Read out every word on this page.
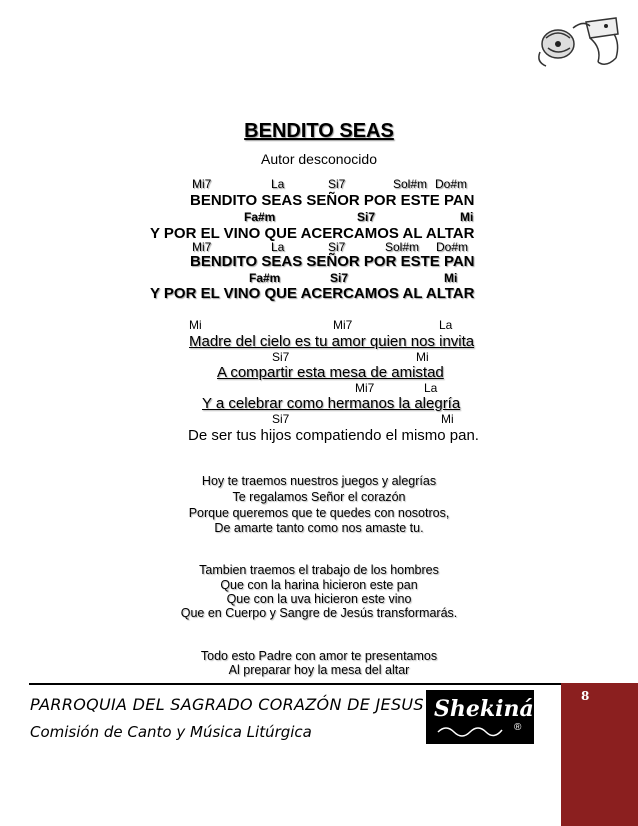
BENDITO SEAS
Autor desconocido
Mi7	La	Si7	Sol#m Do#m
BENDITO SEAS SEÑOR POR ESTE PAN
Fa#m	Si7	Mi
Y POR EL VINO QUE ACERCAMOS AL ALTAR
Mi7	La	Si7	Sol#m Do#m
BENDITO SEAS SEÑOR POR ESTE PAN
Fa#m	Si7	Mi
Y POR EL VINO QUE ACERCAMOS AL ALTAR
Mi	Mi7	La
Madre del cielo es tu amor quien nos invita
Si7	Mi
A compartir esta mesa de amistad
Mi7	La
Y a celebrar como hermanos la alegría
Si7	Mi
De ser tus hijos compatiendo el mismo pan.
Hoy te traemos nuestros juegos y alegrías
Te regalamos Señor el corazón
Porque queremos que te quedes con nosotros,
De amarte tanto como nos amaste tu.
Tambien traemos el trabajo de los hombres
Que con la harina hicieron este pan
Que con la uva hicieron este vino
Que en Cuerpo y Sangre de Jesús transformarás.
Todo esto Padre con amor te presentamos
Al preparar hoy la mesa del altar
PARROQUIA DEL SAGRADO CORAZÓN DE JESUS
Comisión de Canto y Música Litúrgica
Shekináh
®
8
